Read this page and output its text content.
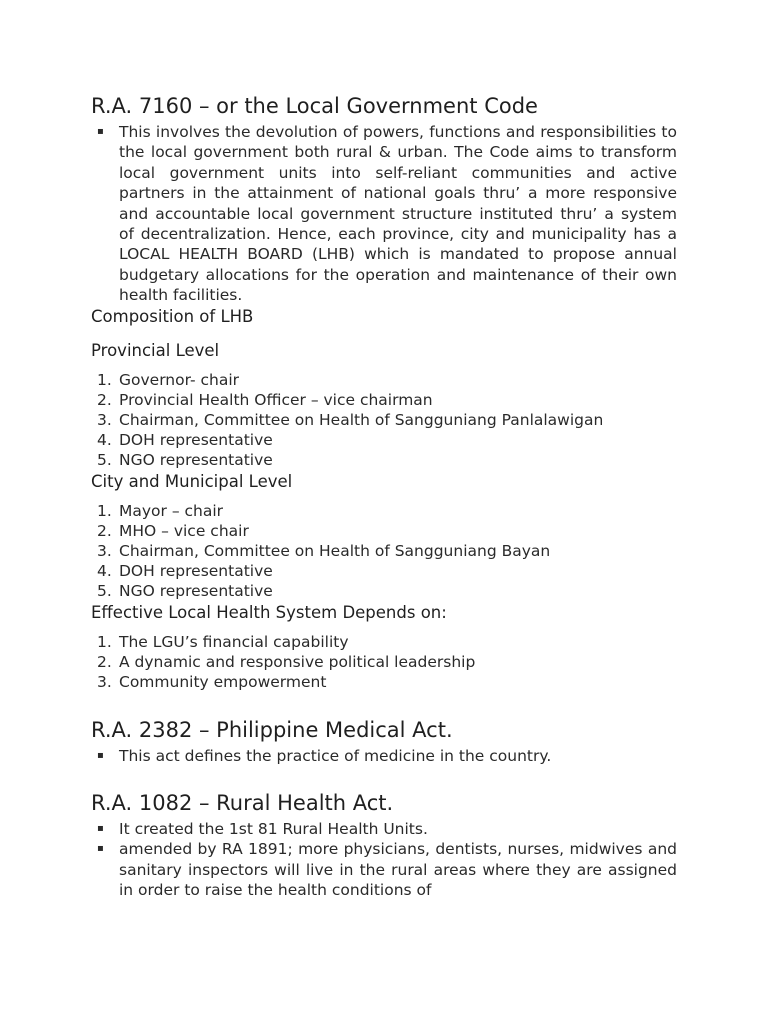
R.A. 7160 – or the Local Government Code
▪ This involves the devolution of powers, functions and responsibilities to the local government both rural & urban. The Code aims to transform local government units into self-reliant communities and active partners in the attainment of national goals thru’ a more responsive and accountable local government structure instituted thru’ a system of decentralization. Hence, each province, city and municipality has a LOCAL HEALTH BOARD (LHB) which is mandated to propose annual budgetary allocations for the operation and maintenance of their own health facilities.
Composition of LHB
Provincial Level
1. Governor- chair
2. Provincial Health Officer – vice chairman
3. Chairman, Committee on Health of Sangguniang Panlalawigan
4. DOH representative
5. NGO representative
City and Municipal Level
1. Mayor – chair
2. MHO – vice chair
3. Chairman, Committee on Health of Sangguniang Bayan
4. DOH representative
5. NGO representative
Effective Local Health System Depends on:
1. The LGU’s financial capability
2. A dynamic and responsive political leadership
3. Community empowerment
R.A. 2382 – Philippine Medical Act.
▪ This act defines the practice of medicine in the country.
R.A. 1082 – Rural Health Act.
▪ It created the 1st 81 Rural Health Units.
▪ amended by RA 1891; more physicians, dentists, nurses, midwives and sanitary inspectors will live in the rural areas where they are assigned in order to raise the health conditions of
